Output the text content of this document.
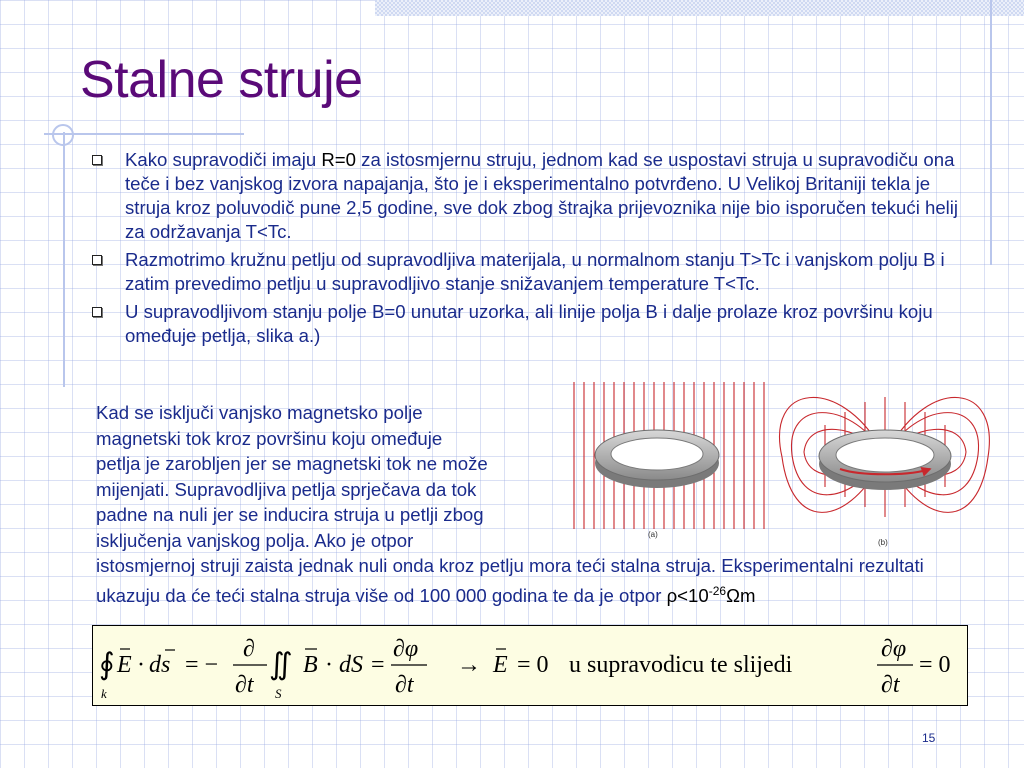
Stalne struje
Kako supravodiči imaju R=0 za istosmjernu struju, jednom kad se uspostavi struja u supravodiču ona teče i bez vanjskog izvora napajanja, što je i eksperimentalno potvrđeno. U Velikoj Britaniji tekla je struja kroz poluvodič pune 2,5 godine, sve dok zbog štrajka prijevoznika nije bio isporučen tekući helij za održavanja T<Tc.
Razmotrimo kružnu petlju od supravodljiva materijala, u normalnom stanju T>Tc i vanjskom polju B i zatim prevedimo petlju u supravodljivo stanje snižavanjem temperature T<Tc.
U supravodljivom stanju polje B=0 unutar uzorka, ali linije polja B i dalje prolaze kroz površinu koju omeđuje petlja, slika a.)
Kad se isključi vanjsko magnetsko polje magnetski tok kroz površinu koju omeđuje petlja je zarobljen jer se magnetski tok ne može mijenjati. Supravodljiva petlja sprječava da tok padne na nuli jer se inducira struja u petlji zbog isključenja vanjskog polja. Ako je otpor istosmjernoj struji zaista jednak nuli onda kroz petlju mora teći stalna struja. Eksperimentalni rezultati ukazuju da će teći stalna struja više od 100 000 godina te da je otpor $\rho<10^{-26}\Omega m$
(a)
(b)
∮
k
E · ds = −
∂
∂t
∬
S
B · dS =
∂φ
∂t
→ E = 0 u supravodicu te slijedi
∂φ
∂t
= 0
15
